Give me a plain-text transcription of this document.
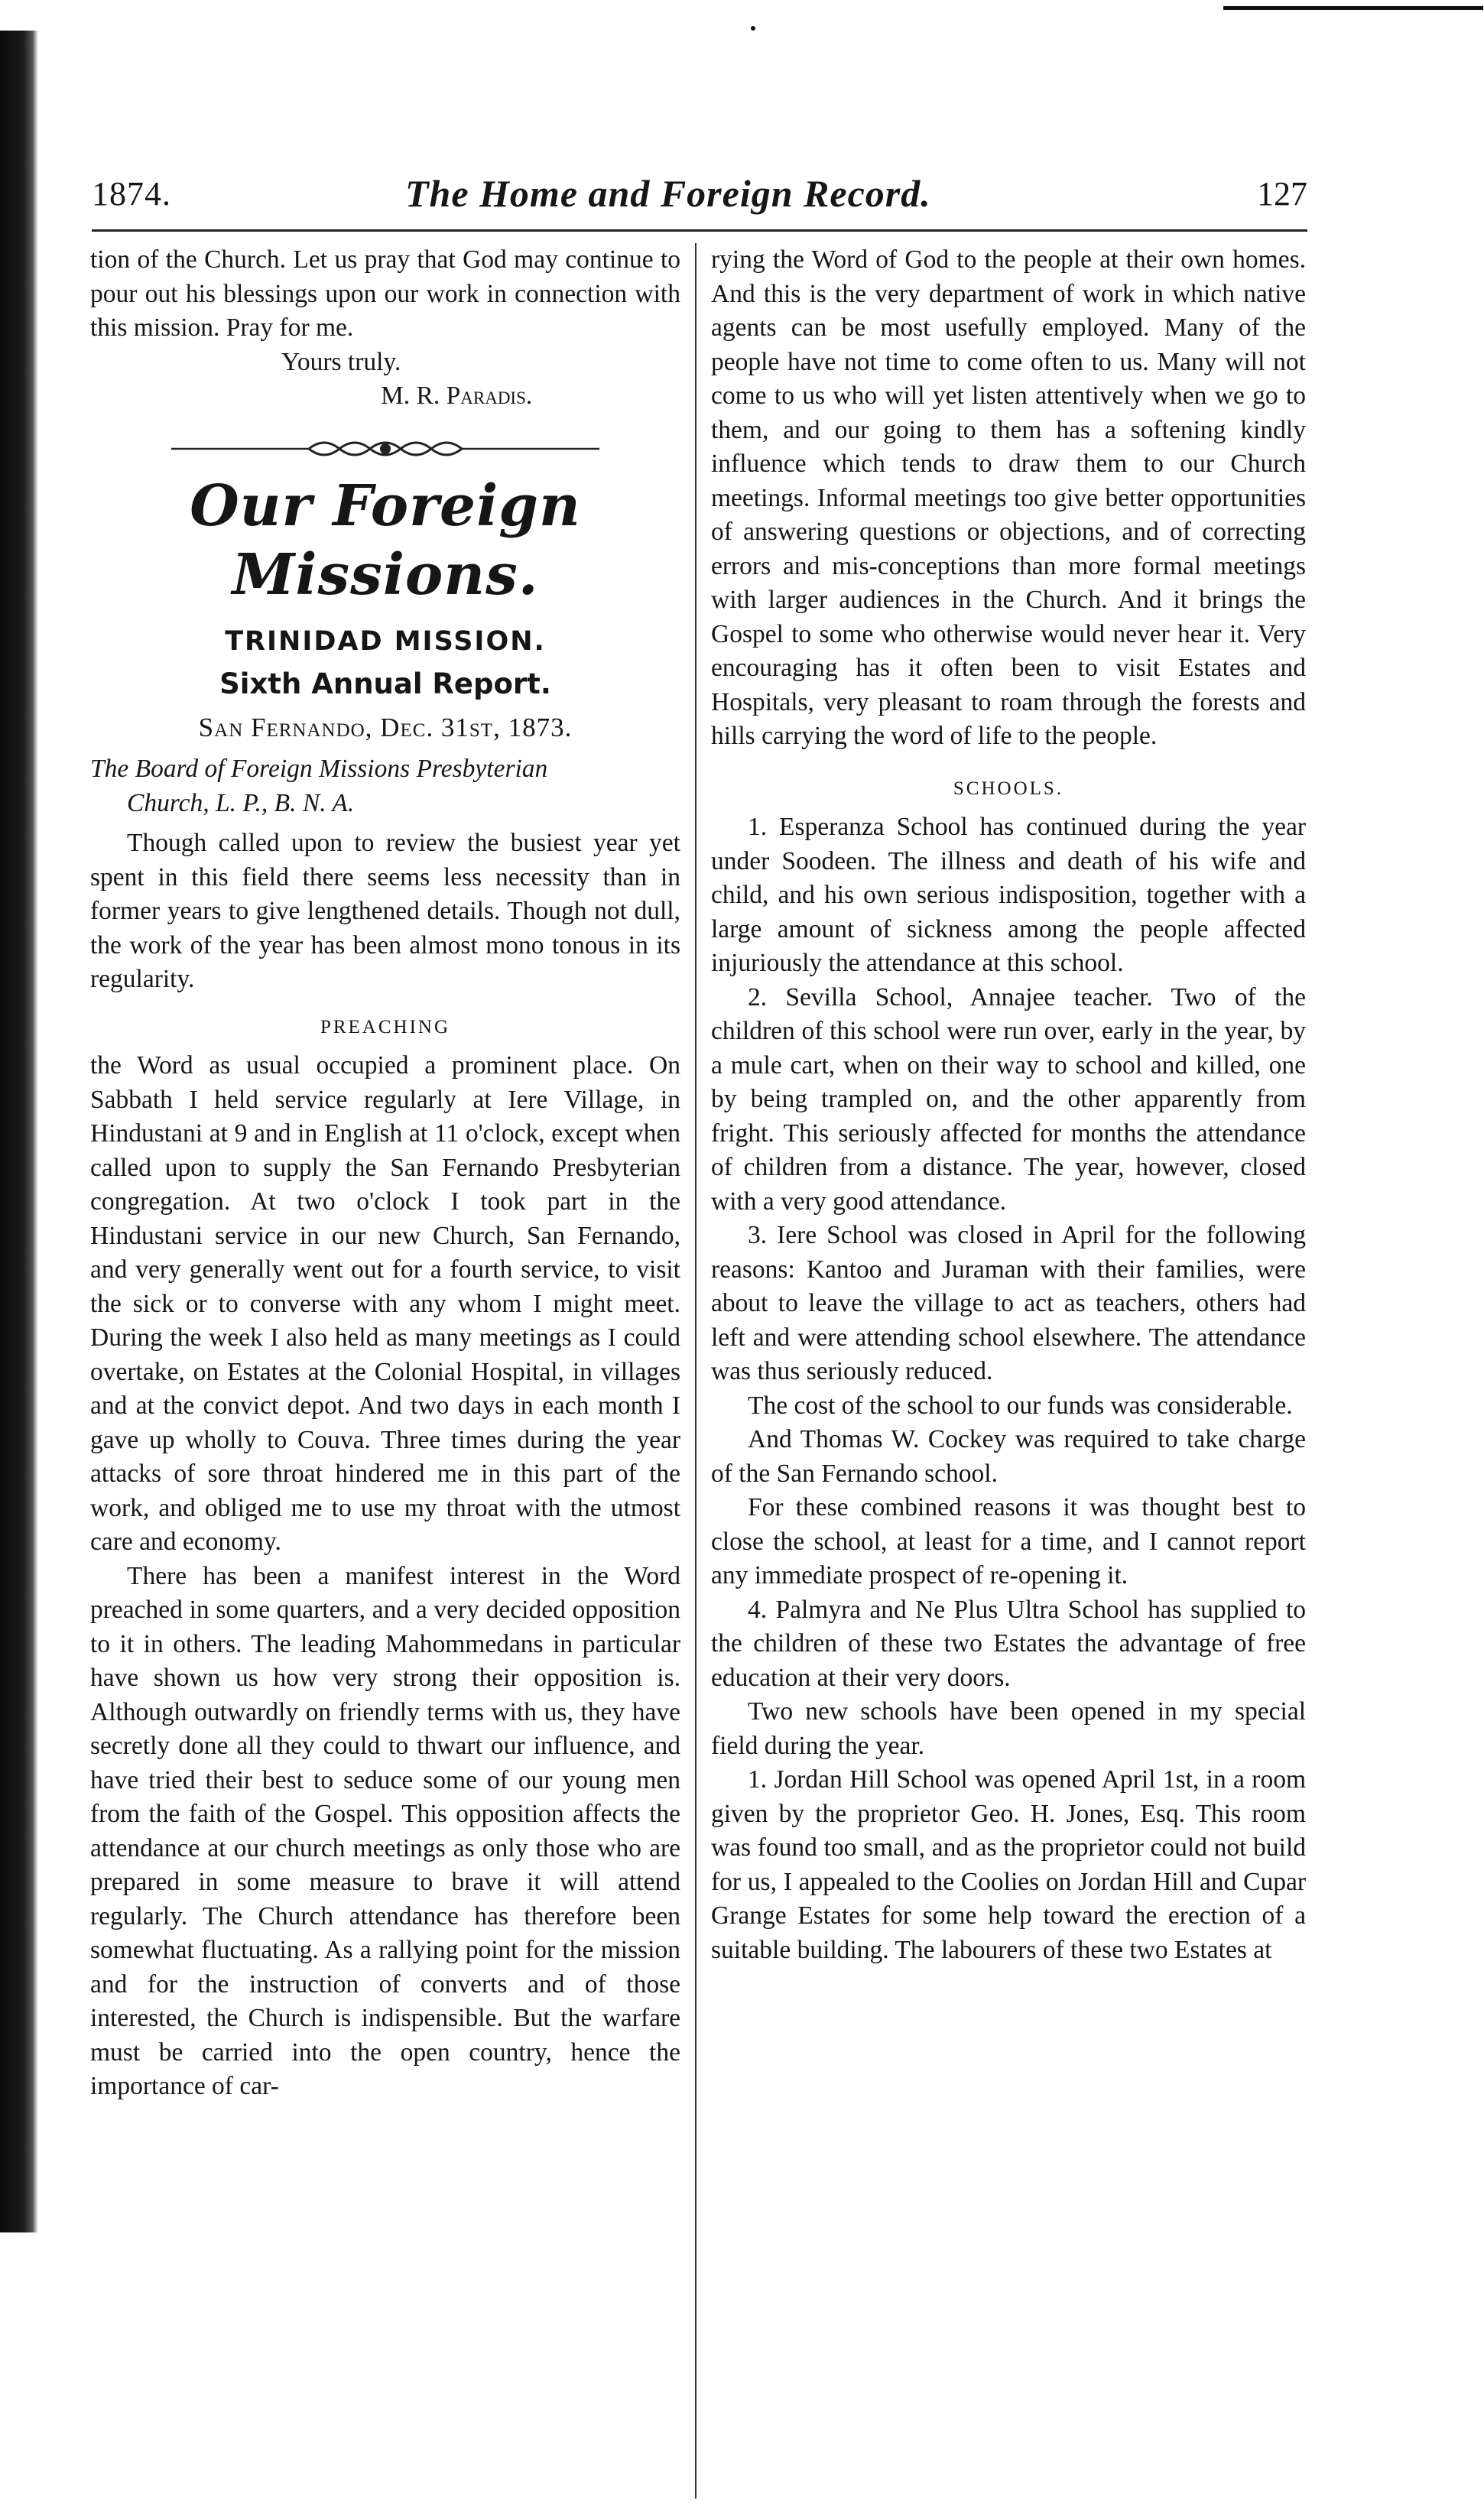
1874.	The Home and Foreign Record.	127

tion of the Church. Let us pray that God may continue to pour out his blessings upon our work in connection with this mission. Pray for me.

Yours truly.

M. R. Paradis.

Our Foreign Missions.
TRINIDAD MISSION.
Sixth Annual Report.
San Fernando, Dec. 31st, 1873.
The Board of Foreign Missions Presbyterian
Church, L. P., B. N. A.

Though called upon to review the busiest year yet spent in this field there seems less necessity than in former years to give lengthened details. Though not dull, the work of the year has been almost mono tonous in its regularity.

PREACHING

the Word as usual occupied a prominent place. On Sabbath I held service regularly at Iere Village, in Hindustani at 9 and in English at 11 o'clock, except when called upon to supply the San Fernando Presbyterian congregation. At two o'clock I took part in the Hindustani service in our new Church, San Fernando, and very generally went out for a fourth service, to visit the sick or to converse with any whom I might meet. During the week I also held as many meetings as I could overtake, on Estates at the Colonial Hospital, in villages and at the convict depot. And two days in each month I gave up wholly to Couva. Three times during the year attacks of sore throat hindered me in this part of the work, and obliged me to use my throat with the utmost care and economy.

There has been a manifest interest in the Word preached in some quarters, and a very decided opposition to it in others. The leading Mahommedans in particular have shown us how very strong their opposition is. Although outwardly on friendly terms with us, they have secretly done all they could to thwart our influence, and have tried their best to seduce some of our young men from the faith of the Gospel. This opposition affects the attendance at our church meetings as only those who are prepared in some measure to brave it will attend regularly. The Church attendance has therefore been somewhat fluctuating. As a rallying point for the mission and for the instruction of converts and of those interested, the Church is indispensible. But the warfare must be carried into the open country, hence the importance of car-

rying the Word of God to the people at their own homes. And this is the very department of work in which native agents can be most usefully employed. Many of the people have not time to come often to us. Many will not come to us who will yet listen attentively when we go to them, and our going to them has a softening kindly influence which tends to draw them to our Church meetings. Informal meetings too give better opportunities of answering questions or objections, and of correcting errors and mis-conceptions than more formal meetings with larger audiences in the Church. And it brings the Gospel to some who otherwise would never hear it. Very encouraging has it often been to visit Estates and Hospitals, very pleasant to roam through the forests and hills carrying the word of life to the people.

SCHOOLS.

1. Esperanza School has continued during the year under Soodeen. The illness and death of his wife and child, and his own serious indisposition, together with a large amount of sickness among the people affected injuriously the attendance at this school.

2. Sevilla School, Annajee teacher. Two of the children of this school were run over, early in the year, by a mule cart, when on their way to school and killed, one by being trampled on, and the other apparently from fright. This seriously affected for months the attendance of children from a distance. The year, however, closed with a very good attendance.

3. Iere School was closed in April for the following reasons: Kantoo and Juraman with their families, were about to leave the village to act as teachers, others had left and were attending school elsewhere. The attendance was thus seriously reduced.

The cost of the school to our funds was considerable.

And Thomas W. Cockey was required to take charge of the San Fernando school.

For these combined reasons it was thought best to close the school, at least for a time, and I cannot report any immediate prospect of re-opening it.

4. Palmyra and Ne Plus Ultra School has supplied to the children of these two Estates the advantage of free education at their very doors.

Two new schools have been opened in my special field during the year.

1. Jordan Hill School was opened April 1st, in a room given by the proprietor Geo. H. Jones, Esq. This room was found too small, and as the proprietor could not build for us, I appealed to the Coolies on Jordan Hill and Cupar Grange Estates for some help toward the erection of a suitable building. The labourers of these two Estates at
